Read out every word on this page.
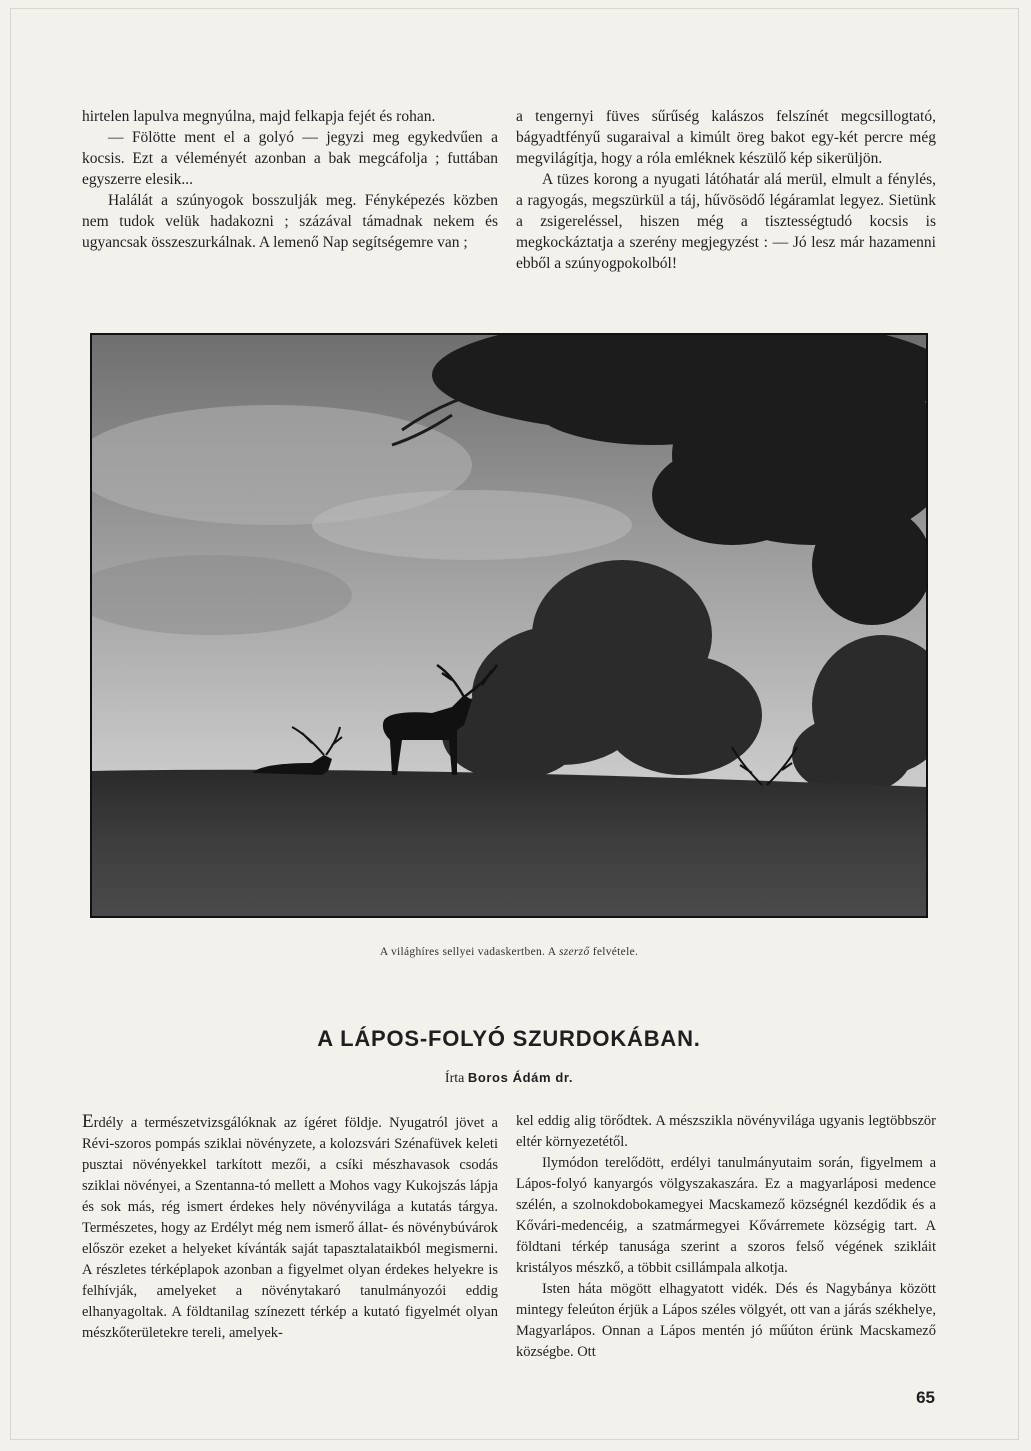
hirtelen lapulva megnyúlna, majd felkapja fejét és rohan.

— Fölötte ment el a golyó — jegyzi meg egykedvűen a kocsis. Ezt a véleményét azonban a bak megcáfolja ; futtában egyszerre elesik...

Halálát a szúnyogok bosszulják meg. Fényképezés közben nem tudok velük hadakozni ; százával támadnak nekem és ugyancsak összeszurkálnak. A lemenő Nap segítségemre van ;

a tengernyi füves sűrűség kalászos felszínét megcsillogtató, bágyadtfényű sugaraival a kimúlt öreg bakot egy-két percre még megvilágítja, hogy a róla emléknek készülő kép sikerüljön.

A tüzes korong a nyugati látóhatár alá merül, elmult a fénylés, a ragyogás, megszürkül a táj, hűvösödő légáramlat legyez. Sietünk a zsigereléssel, hiszen még a tisztességtudó kocsis is megkockáztatja a szerény megjegyzést : — Jó lesz már hazamenni ebből a szúnyogpokolból!

A világhíres sellyei vadaskertben. A szerző felvétele.
A LÁPOS-FOLYÓ SZURDOKÁBAN.
Írta Boros Ádám dr.

Erdély a természetvizsgálóknak az ígéret földje. Nyugatról jövet a Révi-szoros pompás sziklai növényzete, a kolozsvári Szénafüvek keleti pusztai növényekkel tarkított mezői, a csíki mészhavasok csodás sziklai növényei, a Szentanna-tó mellett a Mohos vagy Kukojszás lápja és sok más, rég ismert érdekes hely növényvilága a kutatás tárgya. Természetes, hogy az Erdélyt még nem ismerő állat- és növénybúvárok először ezeket a helyeket kívánták saját tapasztalataikból megismerni. A részletes térképlapok azonban a figyelmet olyan érdekes helyekre is felhívják, amelyeket a növénytakaró tanulmányozói eddig elhanyagoltak. A földtanilag színezett térkép a kutató figyelmét olyan mészkőterületekre tereli, amelyek-

kel eddig alig törődtek. A mészszikla növényvilága ugyanis legtöbbször eltér környezetétől.

Ilymódon terelődött, erdélyi tanulmányutaim során, figyelmem a Lápos-folyó kanyargós völgyszakaszára. Ez a magyarláposi medence szélén, a szolnokdobokamegyei Macskamező községnél kezdődik és a Kővári-medencéig, a szatmármegyei Kővárremete községig tart. A földtani térkép tanusága szerint a szoros felső végének szikláit kristályos mészkő, a többit csillámpala alkotja.

Isten háta mögött elhagyatott vidék. Dés és Nagybánya között mintegy feleúton érjük a Lápos széles völgyét, ott van a járás székhelye, Magyarlápos. Onnan a Lápos mentén jó műúton érünk Macskamező községbe. Ott

65
